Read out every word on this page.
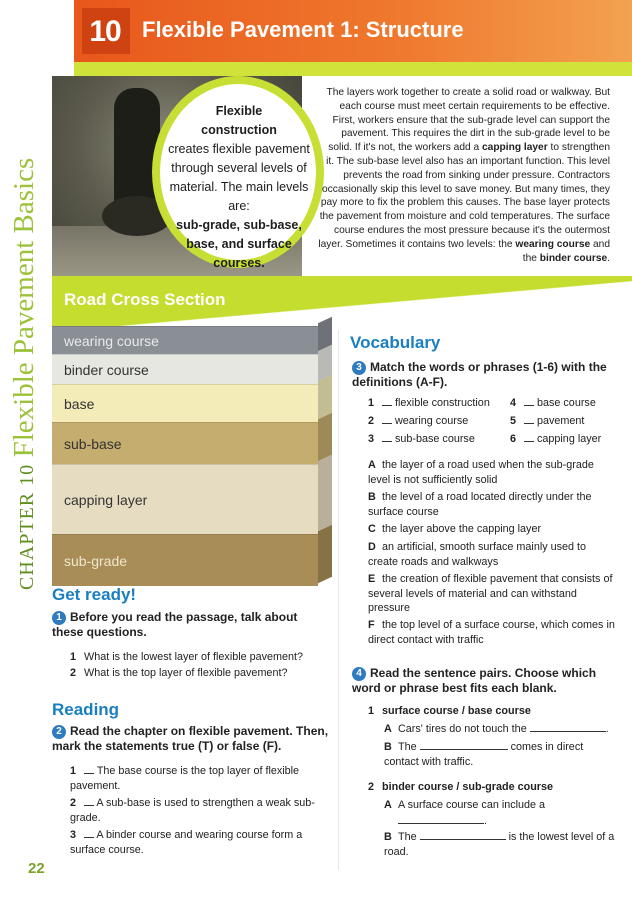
10 Flexible Pavement 1: Structure
CHAPTER 10 Flexible Pavement Basics
Flexible
construction
creates flexible pavement
through several levels of
material. The main levels are:
sub-grade, sub-base,
base, and surface
courses.
The layers work together to create a solid road or walkway. But each course must meet certain requirements to be effective. First, workers ensure that the sub-grade level can support the pavement. This requires the dirt in the sub-grade level to be solid. If it's not, the workers add a capping layer to strengthen it. The sub-base level also has an important function. This level prevents the road from sinking under pressure. Contractors occasionally skip this level to save money. But many times, they pay more to fix the problem this causes. The base layer protects the pavement from moisture and cold temperatures. The surface course endures the most pressure because it's the outermost layer. Sometimes it contains two levels: the wearing course and the binder course.
Road Cross Section
wearing course
binder course
base
sub-base
capping layer
sub-grade
Get ready!
1 Before you read the passage, talk about these questions.
1 What is the lowest layer of flexible pavement?
2 What is the top layer of flexible pavement?
Reading
2 Read the chapter on flexible pavement. Then, mark the statements true (T) or false (F).
1 The base course is the top layer of flexible pavement.
2 A sub-base is used to strengthen a weak sub-grade.
3 A binder course and wearing course form a surface course.
Vocabulary
3 Match the words or phrases (1-6) with the definitions (A-F).
1 flexible construction	4 base course
2 wearing course	5 pavement
3 sub-base course	6 capping layer
A the layer of a road used when the sub-grade level is not sufficiently solid
B the level of a road located directly under the surface course
C the layer above the capping layer
D an artificial, smooth surface mainly used to create roads and walkways
E the creation of flexible pavement that consists of several levels of material and can withstand pressure
F the top level of a surface course, which comes in direct contact with traffic
4 Read the sentence pairs. Choose which word or phrase best fits each blank.
1 surface course / base course
A Cars' tires do not touch the	.
B The	comes in direct contact with traffic.
2 binder course / sub-grade course
A A surface course can include a
.
B The	is the lowest level of a road.
22
